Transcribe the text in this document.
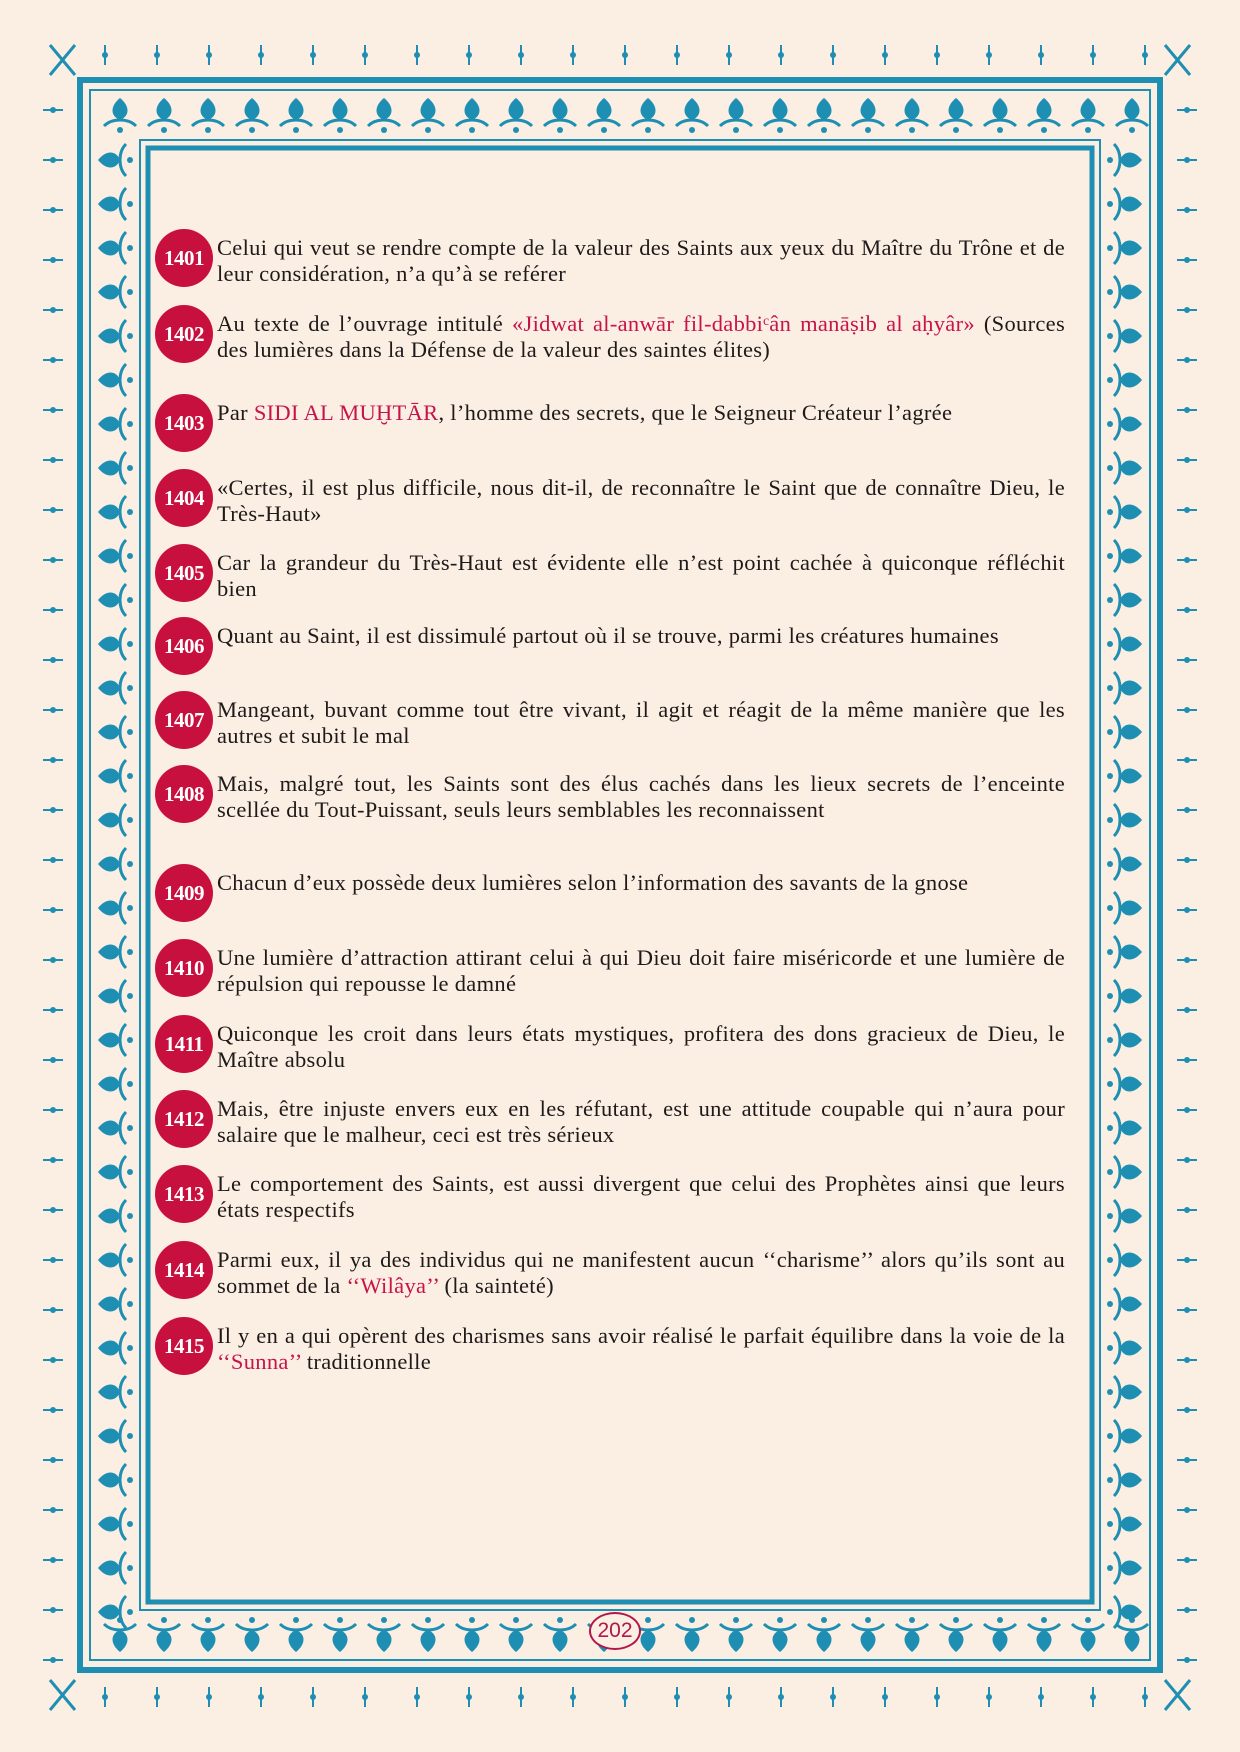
1401 Celui qui veut se rendre compte de la valeur des Saints aux yeux du Maître du Trône et de leur considération, n’a qu’à se reférer
1402 Au texte de l’ouvrage intitulé «Jidwat al-anwār fil-dabbiᶜân manāṣib al aḥyâr» (Sources des lumières dans la Défense de la valeur des saintes élites)
1403 Par SIDI AL MUḪTĀR, l’homme des secrets, que le Seigneur Créateur l’agrée
1404 «Certes, il est plus difficile, nous dit-il, de reconnaître le Saint que de connaître Dieu, le Très-Haut»
1405 Car la grandeur du Très-Haut est évidente elle n’est point cachée à quiconque réfléchit bien
1406 Quant au Saint, il est dissimulé partout où il se trouve, parmi les créatures humaines
1407 Mangeant, buvant comme tout être vivant, il agit et réagit de la même manière que les autres et subit le mal
1408 Mais, malgré tout, les Saints sont des élus cachés dans les lieux secrets de l’enceinte scellée du Tout-Puissant, seuls leurs semblables les reconnaissent
1409 Chacun d’eux possède deux lumières selon l’information des savants de la gnose
1410 Une lumière d’attraction attirant celui à qui Dieu doit faire miséricorde et une lumière de répulsion qui repousse le damné
1411 Quiconque les croit dans leurs états mystiques, profitera des dons gracieux de Dieu, le Maître absolu
1412 Mais, être injuste envers eux en les réfutant, est une attitude coupable qui n’aura pour salaire que le malheur, ceci est très sérieux
1413 Le comportement des Saints, est aussi divergent que celui des Prophètes ainsi que leurs états respectifs
1414 Parmi eux, il ya des individus qui ne manifestent aucun ‘‘charisme’’ alors qu’ils sont au sommet de la ‘‘Wilâya’’ (la sainteté)
1415 Il y en a qui opèrent des charismes sans avoir réalisé le parfait équilibre dans la voie de la ‘‘Sunna’’ traditionnelle
202
